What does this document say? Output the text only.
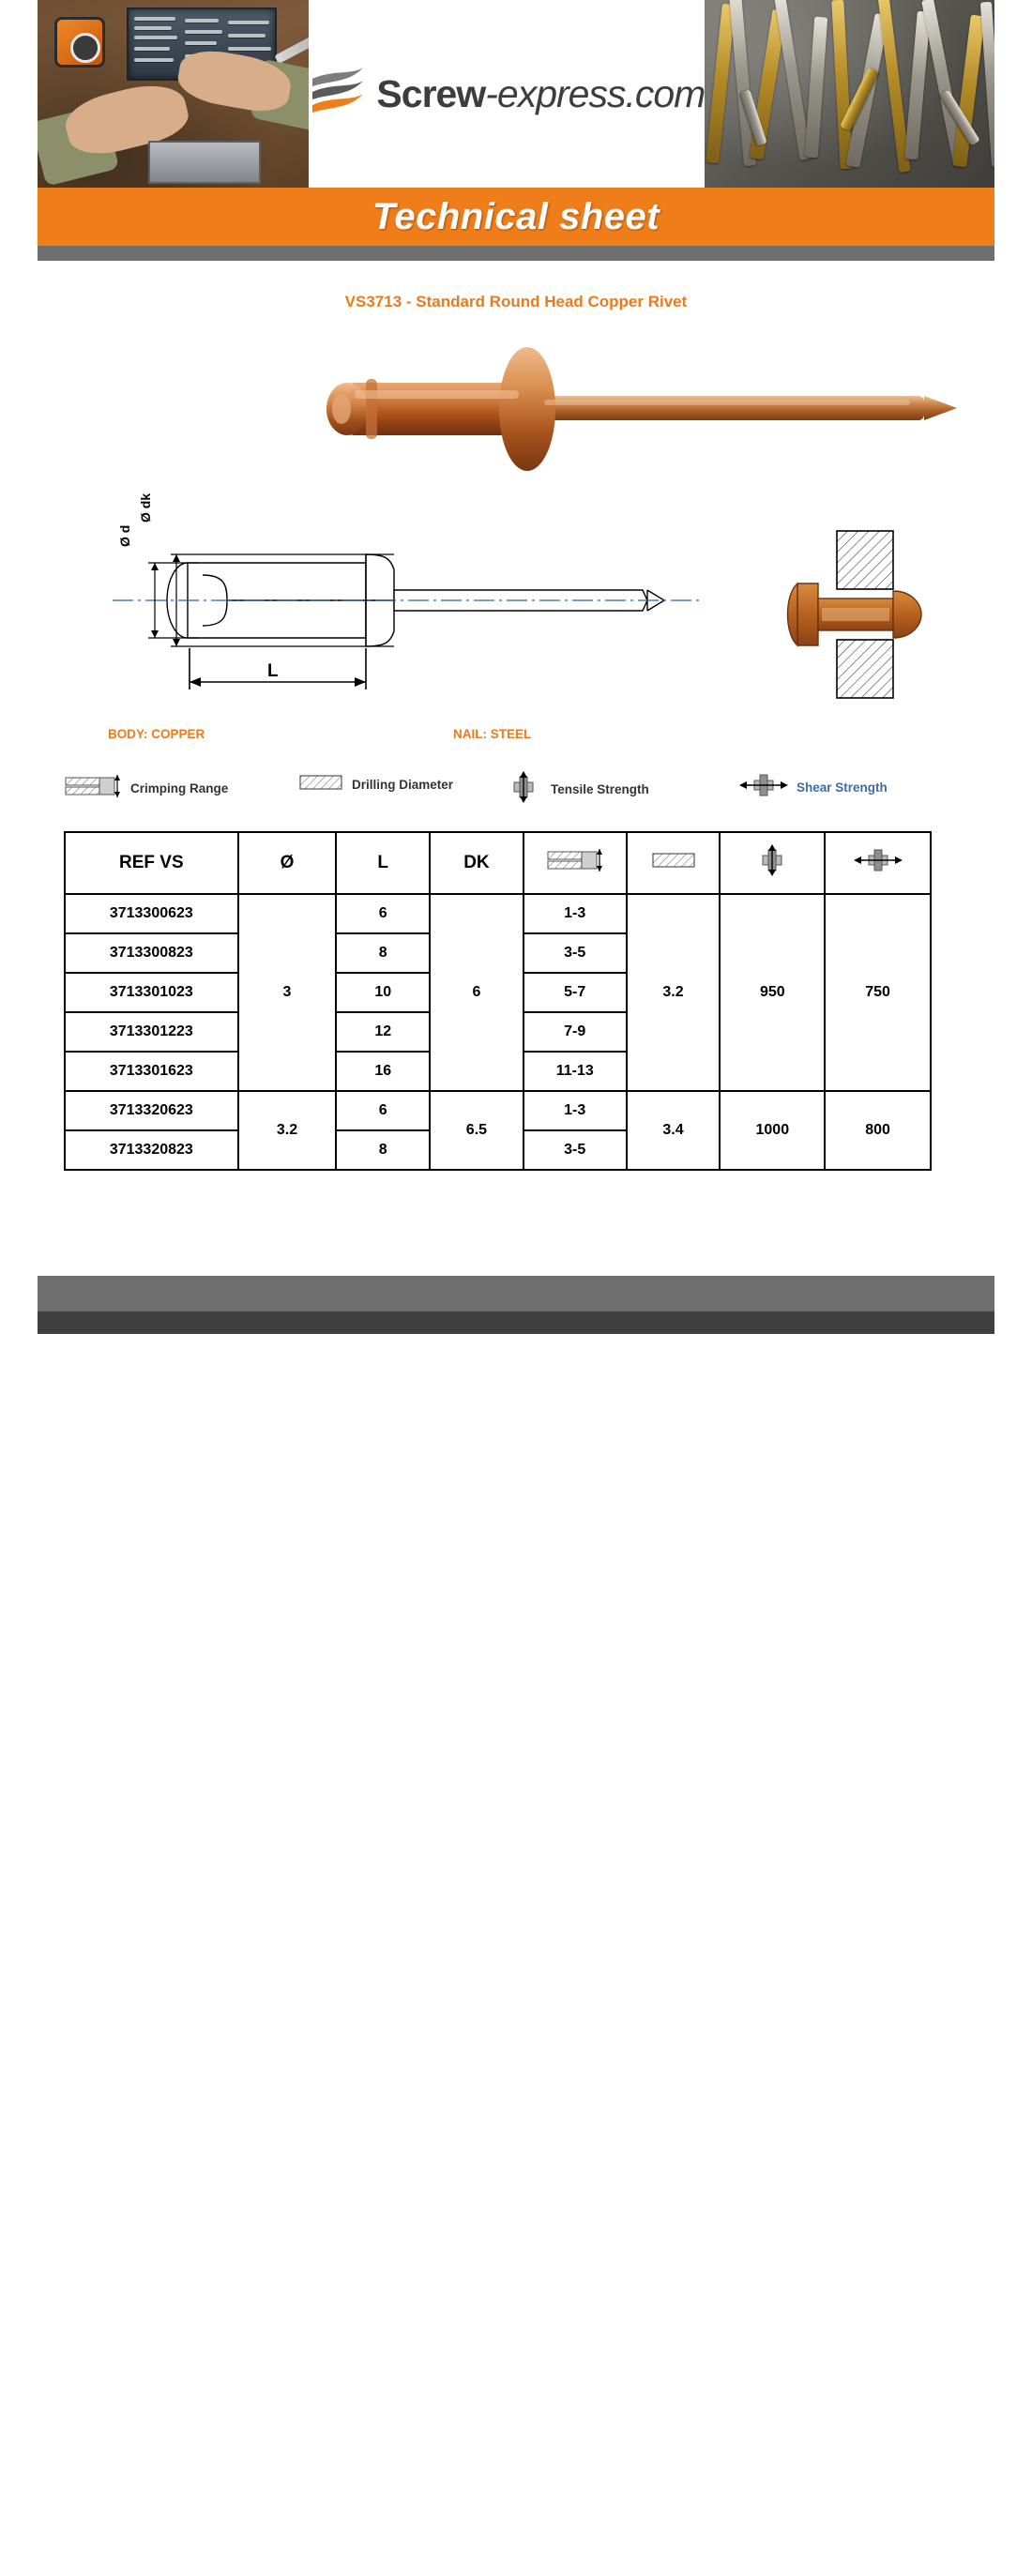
Screw-express.com
Technical sheet
VS3713 - Standard Round Head Copper Rivet
Ø d
Ø dk
L
BODY: COPPER	NAIL: STEEL
Crimping Range	Drilling Diameter	Tensile Strength	Shear Strength
REF VS	Ø	L	DK				
3713300623	3	6	6	1-3	3.2	950	750
3713300823		8		3-5			
3713301023		10		5-7			
3713301223		12		7-9			
3713301623		16		11-13			
3713320623	3.2	6	6.5	1-3	3.4	1000	800
3713320823		8		3-5			
customer.service@screw-express.com
